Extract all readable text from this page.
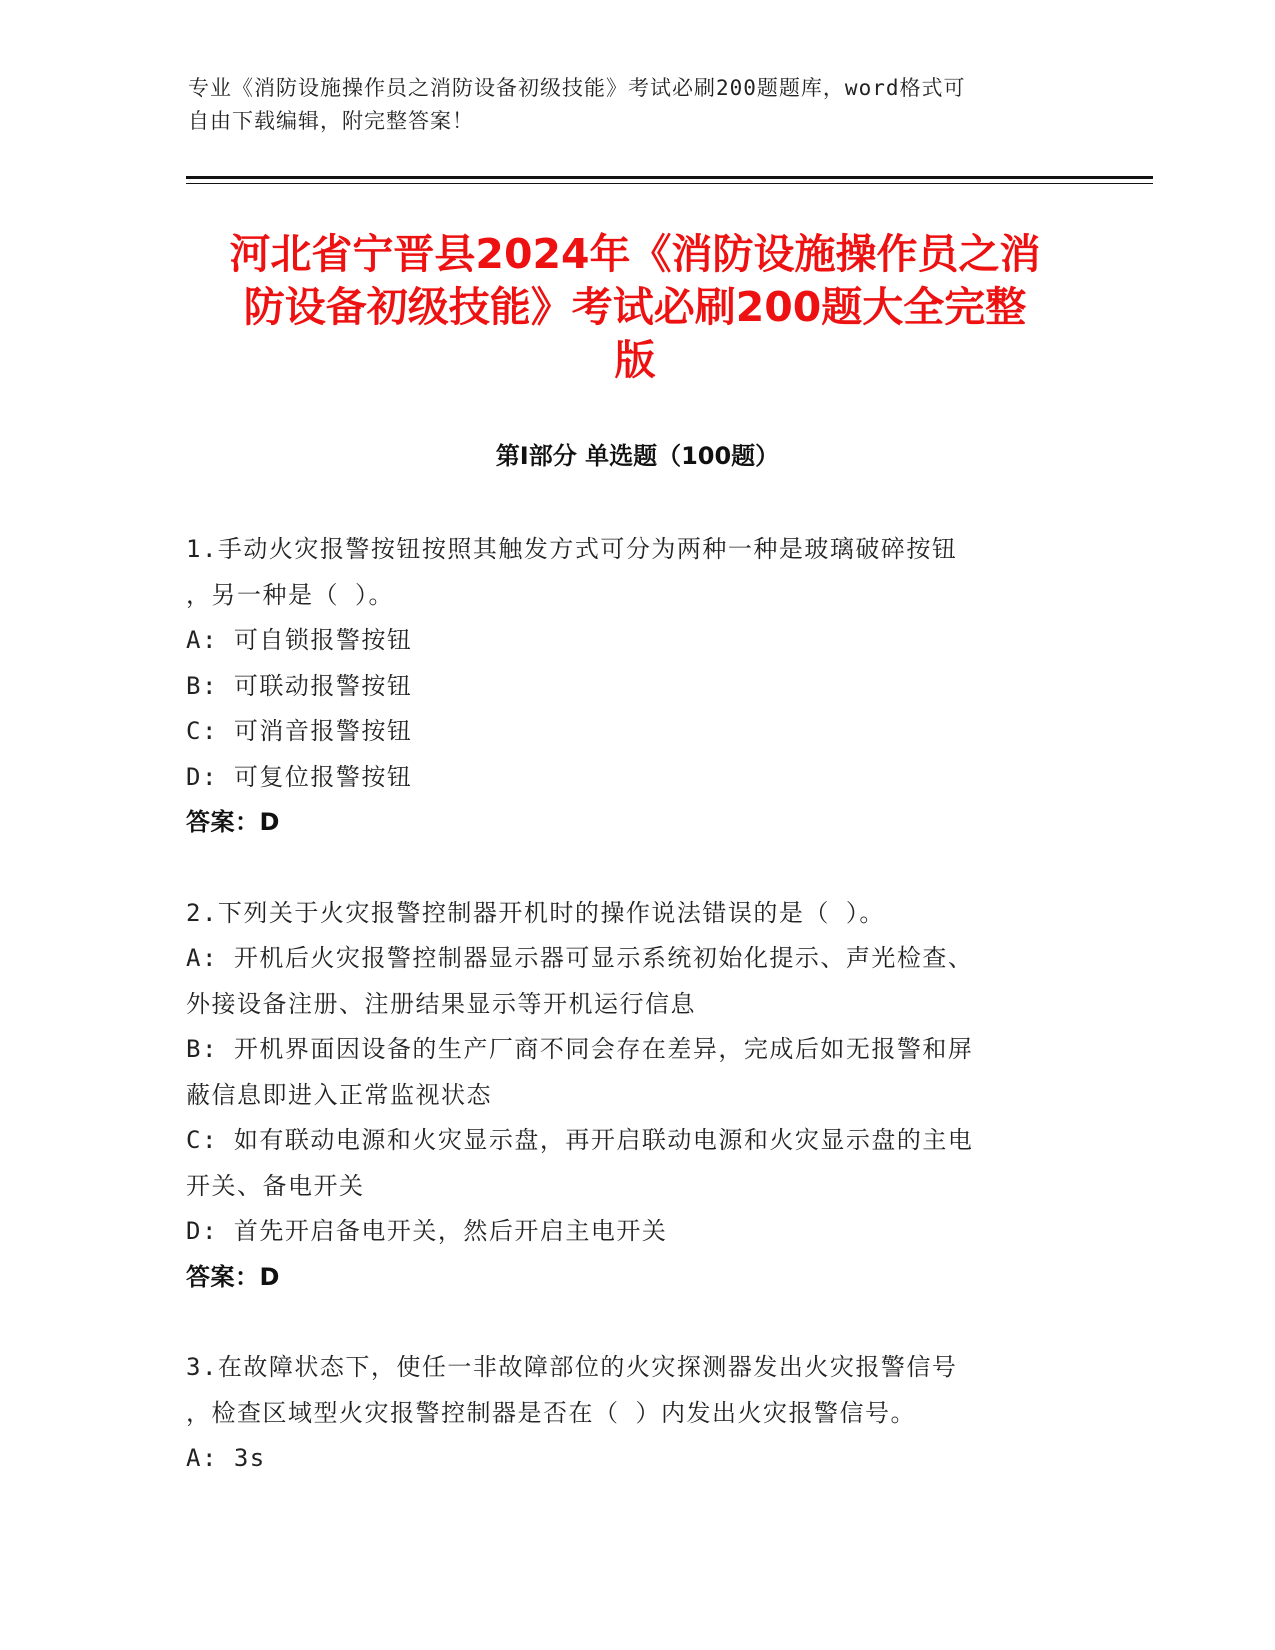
专业《消防设施操作员之消防设备初级技能》考试必刷200题题库，word格式可
自由下载编辑，附完整答案！
河北省宁晋县2024年《消防设施操作员之消
防设备初级技能》考试必刷200题大全完整
版
第Ⅰ部分 单选题（100题）

1.手动火灾报警按钮按照其触发方式可分为两种一种是玻璃破碎按钮

，另一种是（ ）。

A: 可自锁报警按钮

B: 可联动报警按钮

C: 可消音报警按钮

D: 可复位报警按钮

答案：D

2.下列关于火灾报警控制器开机时的操作说法错误的是（ ）。

A: 开机后火灾报警控制器显示器可显示系统初始化提示、声光检查、

外接设备注册、注册结果显示等开机运行信息

B: 开机界面因设备的生产厂商不同会存在差异，完成后如无报警和屏

蔽信息即进入正常监视状态

C: 如有联动电源和火灾显示盘，再开启联动电源和火灾显示盘的主电

开关、备电开关

D: 首先开启备电开关，然后开启主电开关

答案：D

3.在故障状态下，使任一非故障部位的火灾探测器发出火灾报警信号

，检查区域型火灾报警控制器是否在（ ）内发出火灾报警信号。

A: 3s
